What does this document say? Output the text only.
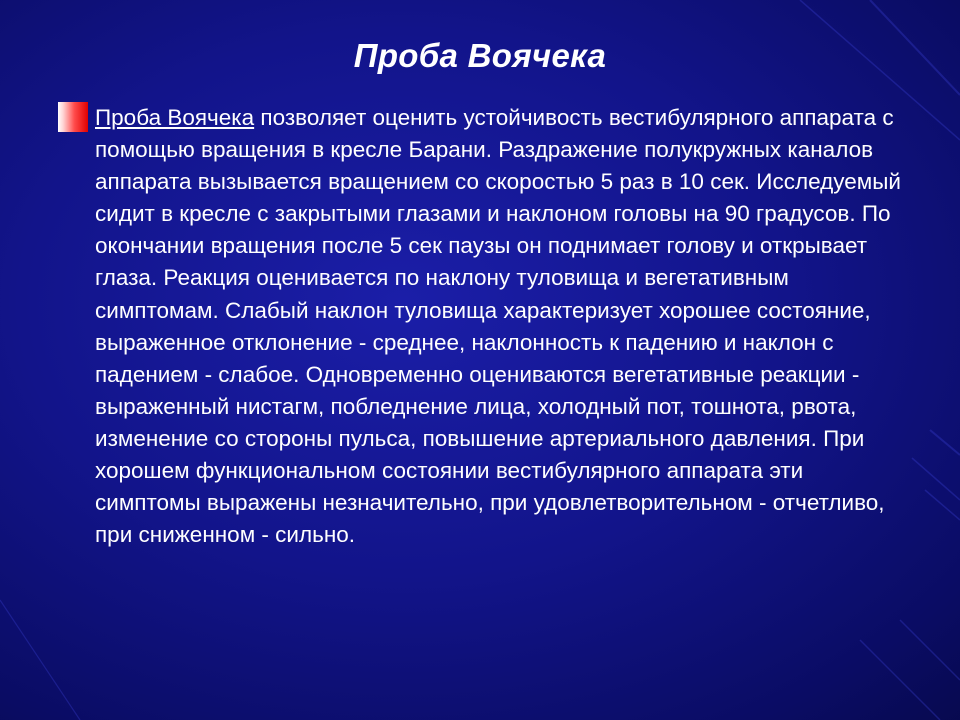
Проба Воячека

Проба Воячека позволяет оценить устойчивость вестибулярного аппарата с помощью вращения в кресле Барани. Раздражение полукружных каналов аппарата вызывается вращением со скоростью 5 раз в 10 сек. Исследуемый сидит в кресле с закрытыми глазами и наклоном головы на 90 градусов. По окончании вращения после 5 сек паузы он поднимает голову и открывает глаза. Реакция оценивается по наклону туловища и вегетативным симптомам. Слабый наклон туловища характеризует хорошее состояние, выраженное отклонение - среднее, наклонность к падению и наклон с падением - слабое. Одновременно оцениваются вегетативные реакции - выраженный нистагм, побледнение лица, холодный пот, тошнота, рвота, изменение со стороны пульса, повышение артериального давления. При хорошем функциональном состоянии вестибулярного аппарата эти симптомы выражены незначительно, при удовлетворительном - отчетливо, при сниженном - сильно.
